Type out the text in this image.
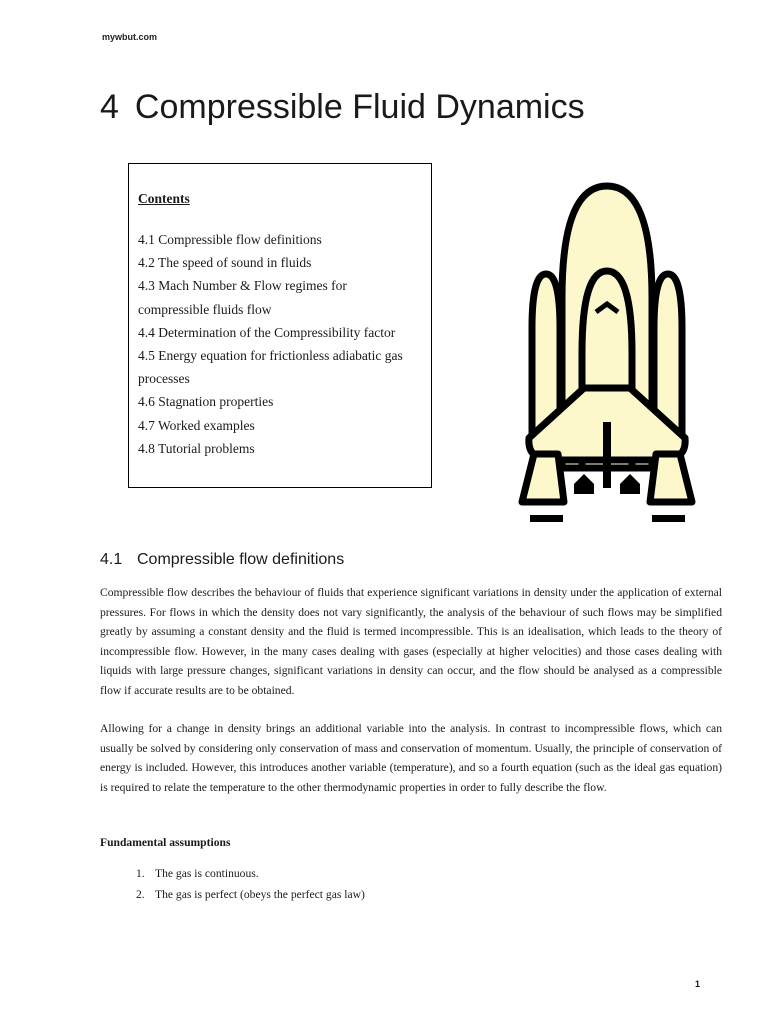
mywbut.com
4 Compressible Fluid Dynamics
Contents
4.1 Compressible flow definitions
4.2 The speed of sound in fluids
4.3 Mach Number & Flow regimes for
compressible fluids flow
4.4 Determination of the Compressibility factor
4.5 Energy equation for frictionless adiabatic gas
processes
4.6 Stagnation properties
4.7 Worked examples
4.8 Tutorial problems
4.1 Compressible flow definitions

Compressible flow describes the behaviour of fluids that experience significant variations in density under the application of external pressures. For flows in which the density does not vary significantly, the analysis of the behaviour of such flows may be simplified greatly by assuming a constant density and the fluid is termed incompressible. This is an idealisation, which leads to the theory of incompressible flow. However, in the many cases dealing with gases (especially at higher velocities) and those cases dealing with liquids with large pressure changes, significant variations in density can occur, and the flow should be analysed as a compressible flow if accurate results are to be obtained.

Allowing for a change in density brings an additional variable into the analysis. In contrast to incompressible flows, which can usually be solved by considering only conservation of mass and conservation of momentum. Usually, the principle of conservation of energy is included. However, this introduces another variable (temperature), and so a fourth equation (such as the ideal gas equation) is required to relate the temperature to the other thermodynamic properties in order to fully describe the flow.

Fundamental assumptions
1. The gas is continuous.
2. The gas is perfect (obeys the perfect gas law)
1
